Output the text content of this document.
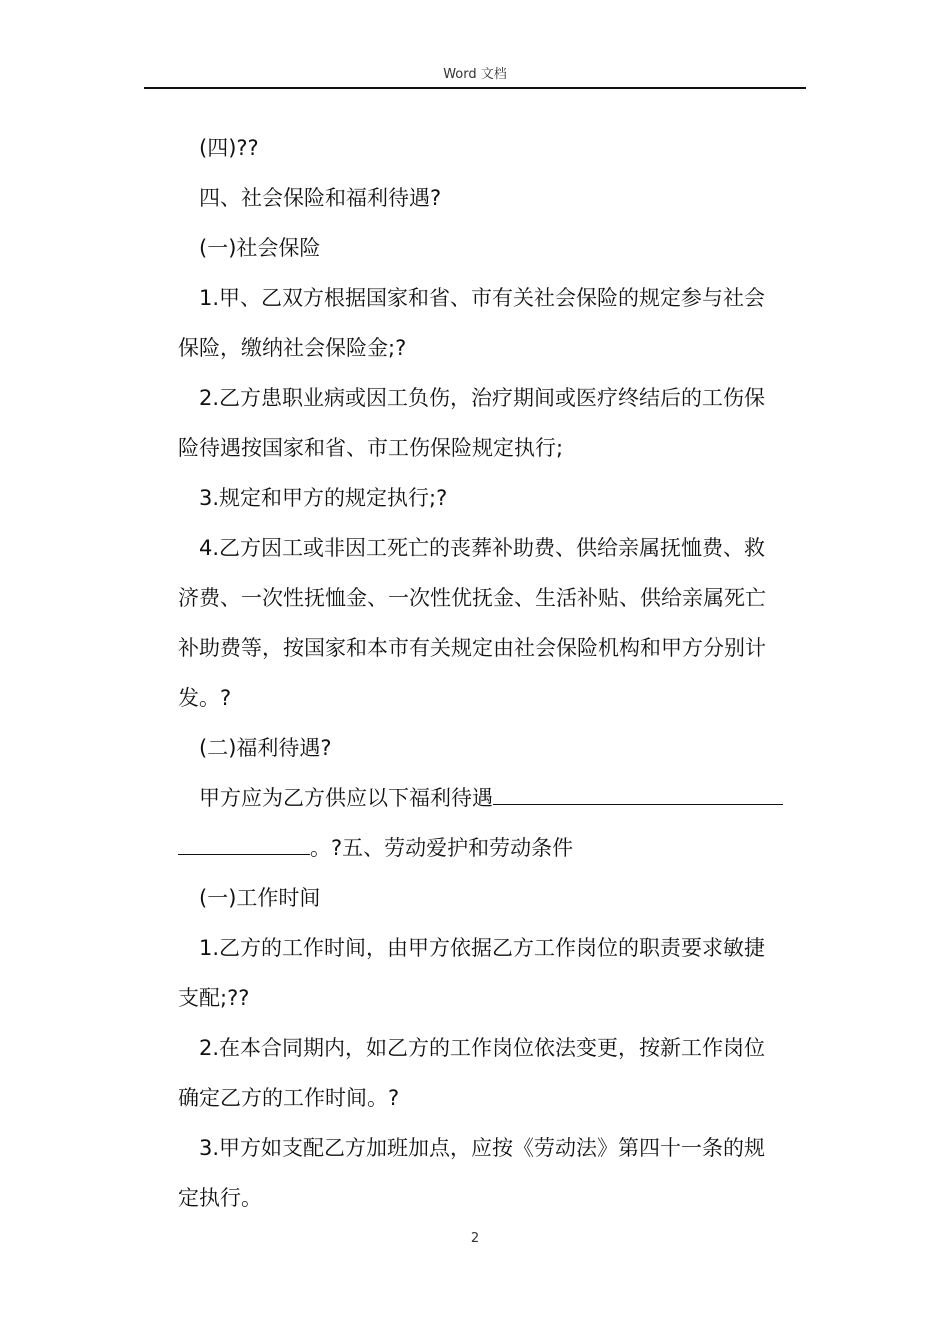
Word 文档

(四)??

四、社会保险和福利待遇?

(一)社会保险

1.甲、乙双方根据国家和省、市有关社会保险的规定参与社会
保险，缴纳社会保险金;?

2.乙方患职业病或因工负伤，治疗期间或医疗终结后的工伤保
险待遇按国家和省、市工伤保险规定执行;

3.规定和甲方的规定执行;?

4.乙方因工或非因工死亡的丧葬补助费、供给亲属抚恤费、救
济费、一次性抚恤金、一次性优抚金、生活补贴、供给亲属死亡
补助费等，按国家和本市有关规定由社会保险机构和甲方分别计
发。?

(二)福利待遇?

甲方应为乙方供应以下福利待遇
。?五、劳动爱护和劳动条件

(一)工作时间

1.乙方的工作时间，由甲方依据乙方工作岗位的职责要求敏捷
支配;??

2.在本合同期内，如乙方的工作岗位依法变更，按新工作岗位
确定乙方的工作时间。?

3.甲方如支配乙方加班加点，应按《劳动法》第四十一条的规
定执行。

2
